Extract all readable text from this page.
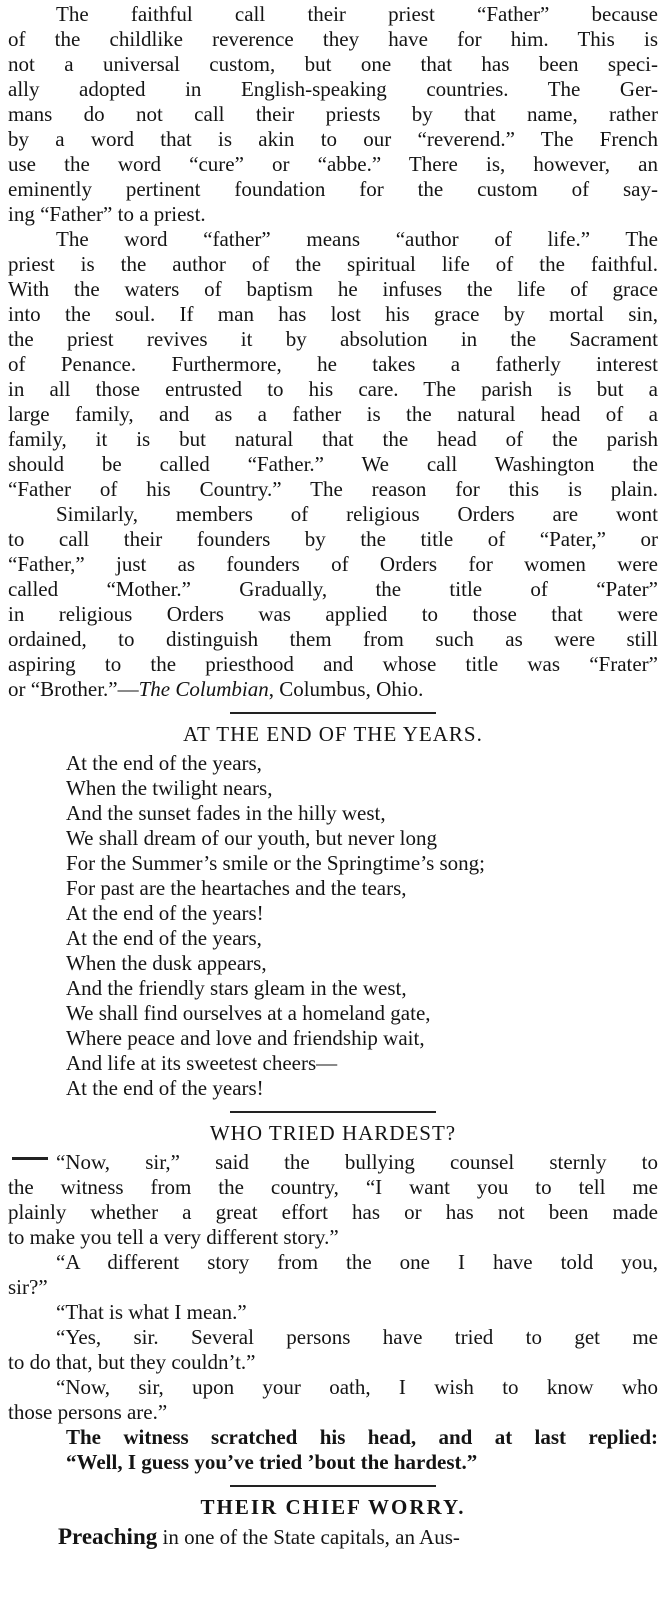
The faithful call their priest “Father” because
of the childlike reverence they have for him. This is
not a universal custom, but one that has been speci-
ally adopted in English-speaking countries. The Ger-
mans do not call their priests by that name, rather
by a word that is akin to our “reverend.” The French
use the word “cure” or “abbe.” There is, however, an
eminently pertinent foundation for the custom of say-
ing “Father” to a priest.

The word “father” means “author of life.” The
priest is the author of the spiritual life of the faithful.
With the waters of baptism he infuses the life of grace
into the soul. If man has lost his grace by mortal sin,
the priest revives it by absolution in the Sacrament
of Penance. Furthermore, he takes a fatherly interest
in all those entrusted to his care. The parish is but a
large family, and as a father is the natural head of a
family, it is but natural that the head of the parish
should be called “Father.” We call Washington the
“Father of his Country.” The reason for this is plain.

Similarly, members of religious Orders are wont
to call their founders by the title of “Pater,” or
“Father,” just as founders of Orders for women were
called “Mother.” Gradually, the title of “Pater”
in religious Orders was applied to those that were
ordained, to distinguish them from such as were still
aspiring to the priesthood and whose title was “Frater”
or “Brother.”—The Columbian, Columbus, Ohio.

AT THE END OF THE YEARS.
At the end of the years,
When the twilight nears,
And the sunset fades in the hilly west,
We shall dream of our youth, but never long
For the Summer’s smile or the Springtime’s song;
For past are the heartaches and the tears,
At the end of the years!
At the end of the years,
When the dusk appears,
And the friendly stars gleam in the west,
We shall find ourselves at a homeland gate,
Where peace and love and friendship wait,
And life at its sweetest cheers—
At the end of the years!
WHO TRIED HARDEST?

“Now, sir,” said the bullying counsel sternly to
the witness from the country, “I want you to tell me
plainly whether a great effort has or has not been made
to make you tell a very different story.”

“A different story from the one I have told you,
sir?”

“That is what I mean.”

“Yes, sir. Several persons have tried to get me
to do that, but they couldn’t.”

“Now, sir, upon your oath, I wish to know who
those persons are.”

The witness scratched his head, and at last replied:
“Well, I guess you’ve tried ’bout the hardest.”

THEIR CHIEF WORRY.

Preaching in one of the State capitals, an Aus-
